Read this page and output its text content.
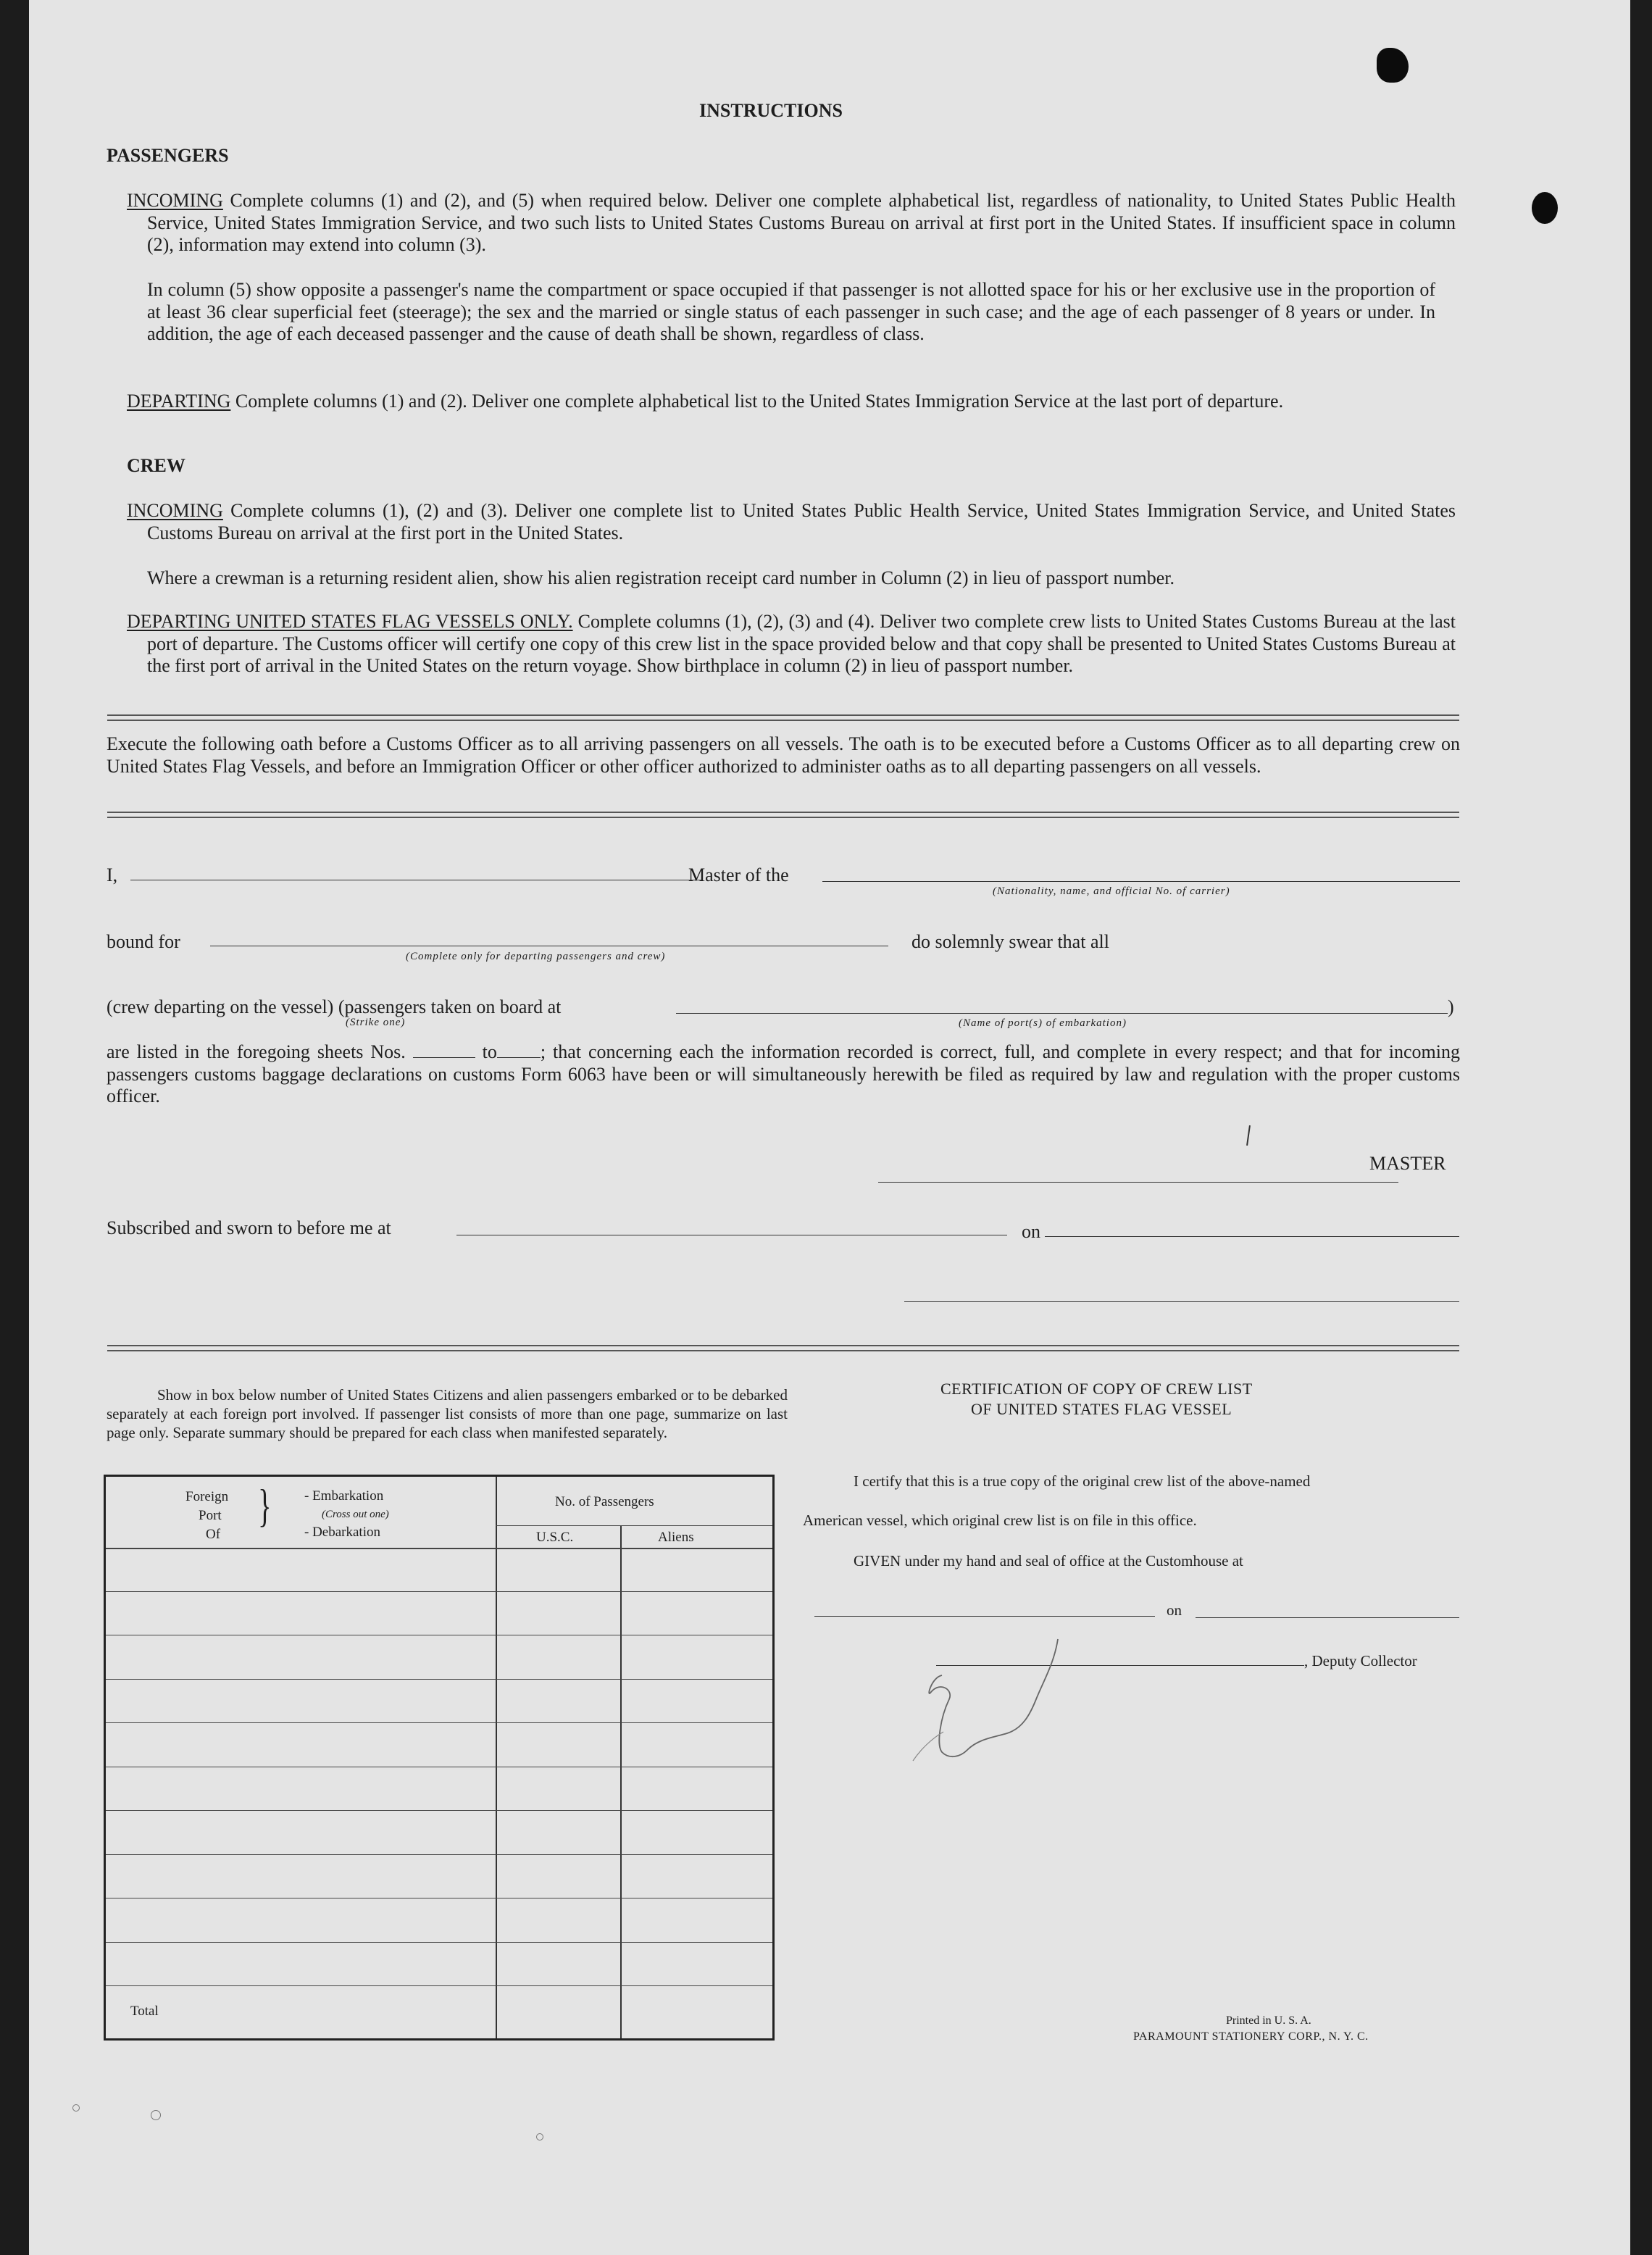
INSTRUCTIONS
PASSENGERS
INCOMING Complete columns (1) and (2), and (5) when required below. Deliver one complete alphabetical list, regardless of nationality, to United States Public Health Service, United States Immigration Service, and two such lists to United States Customs Bureau on arrival at first port in the United States. If insufficient space in column (2), information may extend into column (3).
In column (5) show opposite a passenger's name the compartment or space occupied if that passenger is not allotted space for his or her exclusive use in the proportion of at least 36 clear superficial feet (steerage); the sex and the married or single status of each passenger in such case; and the age of each passenger of 8 years or under. In addition, the age of each deceased passenger and the cause of death shall be shown, regardless of class.
DEPARTING Complete columns (1) and (2). Deliver one complete alphabetical list to the United States Immigration Service at the last port of departure.
CREW
INCOMING Complete columns (1), (2) and (3). Deliver one complete list to United States Public Health Service, United States Immigration Service, and United States Customs Bureau on arrival at the first port in the United States.
Where a crewman is a returning resident alien, show his alien registration receipt card number in Column (2) in lieu of passport number.
DEPARTING UNITED STATES FLAG VESSELS ONLY. Complete columns (1), (2), (3) and (4). Deliver two complete crew lists to United States Customs Bureau at the last port of departure. The Customs officer will certify one copy of this crew list in the space provided below and that copy shall be presented to United States Customs Bureau at the first port of arrival in the United States on the return voyage. Show birthplace in column (2) in lieu of passport number.
Execute the following oath before a Customs Officer as to all arriving passengers on all vessels. The oath is to be executed before a Customs Officer as to all departing crew on United States Flag Vessels, and before an Immigration Officer or other officer authorized to administer oaths as to all departing passengers on all vessels.
I,	Master of the
(Nationality, name, and official No. of carrier)
bound for
(Complete only for departing passengers and crew)
do solemnly swear that all
(crew departing on the vessel) (passengers taken on board at
(Strike one)
)
(Name of port(s) of embarkation)
are listed in the foregoing sheets Nos.	to ; that concerning each the information recorded is correct, full, and complete in every respect; and that for incoming passengers customs baggage declarations on customs Form 6063 have been or will simultaneously herewith be filed as required by law and regulation with the proper customs officer.
MASTER
Subscribed and sworn to before me at	on
Show in box below number of United States Citizens and alien passengers embarked or to be debarked separately at each foreign port involved. If passenger list consists of more than one page, summarize on last page only. Separate summary should be prepared for each class when manifested separately.
Foreign
Port
Of
} - Embarkation
(Cross out one)
- Debarkation
No. of Passengers
U.S.C.	Aliens
Total
CERTIFICATION OF COPY OF CREW LIST
OF UNITED STATES FLAG VESSEL
I certify that this is a true copy of the original crew list of the above-named
American vessel, which original crew list is on file in this office.
GIVEN under my hand and seal of office at the Customhouse at
on
, Deputy Collector
Printed in U. S. A.
PARAMOUNT STATIONERY CORP., N. Y. C.
